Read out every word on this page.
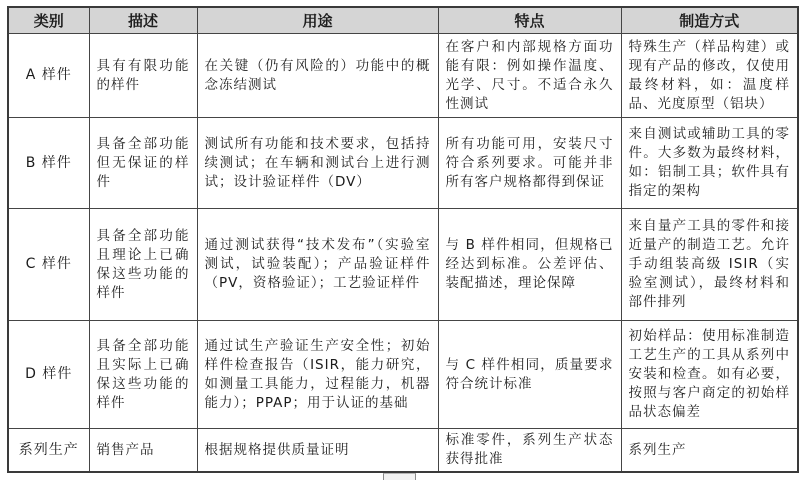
类别	描述	用途	特点	制造方式
A 样件	具有有限功能的样件	在关键（仍有风险的）功能中的概念冻结测试	在客户和内部规格方面功能有限：例如操作温度、光学、尺寸。不适合永久性测试	特殊生产（样品构建）或现有产品的修改，仅使用最终材料，如：温度样品、光度原型（铝块）
B 样件	具备全部功能但无保证的样件	测试所有功能和技术要求，包括持续测试；在车辆和测试台上进行测试；设计验证样件（DV）	所有功能可用，安装尺寸符合系列要求。可能并非所有客户规格都得到保证	来自测试或辅助工具的零件。大多数为最终材料，如：铝制工具；软件具有指定的架构
C 样件	具备全部功能且理论上已确保这些功能的样件	通过测试获得“技术发布”（实验室测试，试验装配）；产品验证样件（PV，资格验证）；工艺验证样件	与 B 样件相同，但规格已经达到标准。公差评估、装配描述，理论保障	来自量产工具的零件和接近量产的制造工艺。允许手动组装高级 ISIR（实验室测试），最终材料和部件排列
D 样件	具备全部功能且实际上已确保这些功能的样件	通过试生产验证生产安全性；初始样件检查报告（ISIR，能力研究，如测量工具能力，过程能力，机器能力）；PPAP；用于认证的基础	与 C 样件相同，质量要求符合统计标准	初始样品：使用标准制造工艺生产的工具从系列中安装和检查。如有必要，按照与客户商定的初始样品状态偏差
系列生产	销售产品	根据规格提供质量证明	标准零件，系列生产状态获得批准	系列生产
